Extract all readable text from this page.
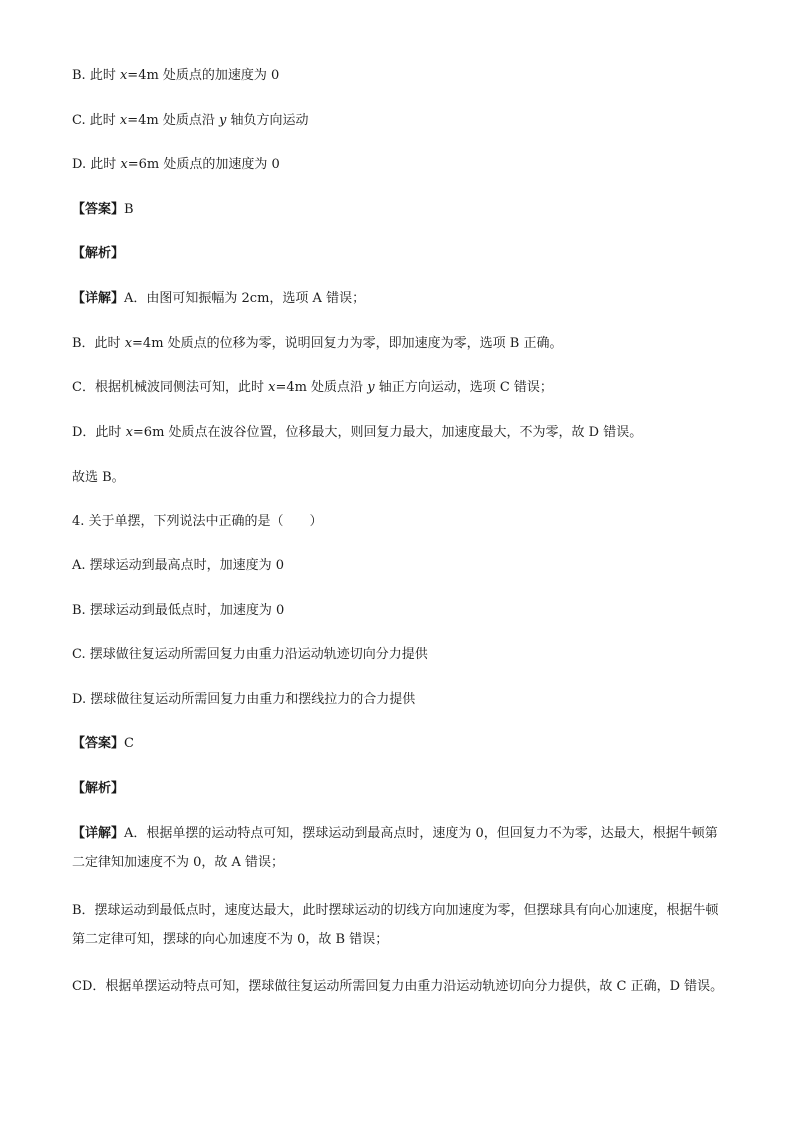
B. 此时 x=4m 处质点的加速度为 0
C. 此时 x=4m 处质点沿 y 轴负方向运动
D. 此时 x=6m 处质点的加速度为 0
【答案】B
【解析】
【详解】A．由图可知振幅为 2cm，选项 A 错误；
B．此时 x=4m 处质点的位移为零，说明回复力为零，即加速度为零，选项 B 正确。
C．根据机械波同侧法可知，此时 x=4m 处质点沿 y 轴正方向运动，选项 C 错误；
D．此时 x=6m 处质点在波谷位置，位移最大，则回复力最大，加速度最大，不为零，故 D 错误。
故选 B。
4. 关于单摆，下列说法中正确的是（　　）
A. 摆球运动到最高点时，加速度为 0
B. 摆球运动到最低点时，加速度为 0
C. 摆球做往复运动所需回复力由重力沿运动轨迹切向分力提供
D. 摆球做往复运动所需回复力由重力和摆线拉力的合力提供
【答案】C
【解析】
【详解】A．根据单摆的运动特点可知，摆球运动到最高点时，速度为 0，但回复力不为零，达最大，根据牛顿第二定律知加速度不为 0，故 A 错误；
B．摆球运动到最低点时，速度达最大，此时摆球运动的切线方向加速度为零，但摆球具有向心加速度，根据牛顿第二定律可知，摆球的向心加速度不为 0，故 B 错误；
CD．根据单摆运动特点可知，摆球做往复运动所需回复力由重力沿运动轨迹切向分力提供，故 C 正确，D 错误。
